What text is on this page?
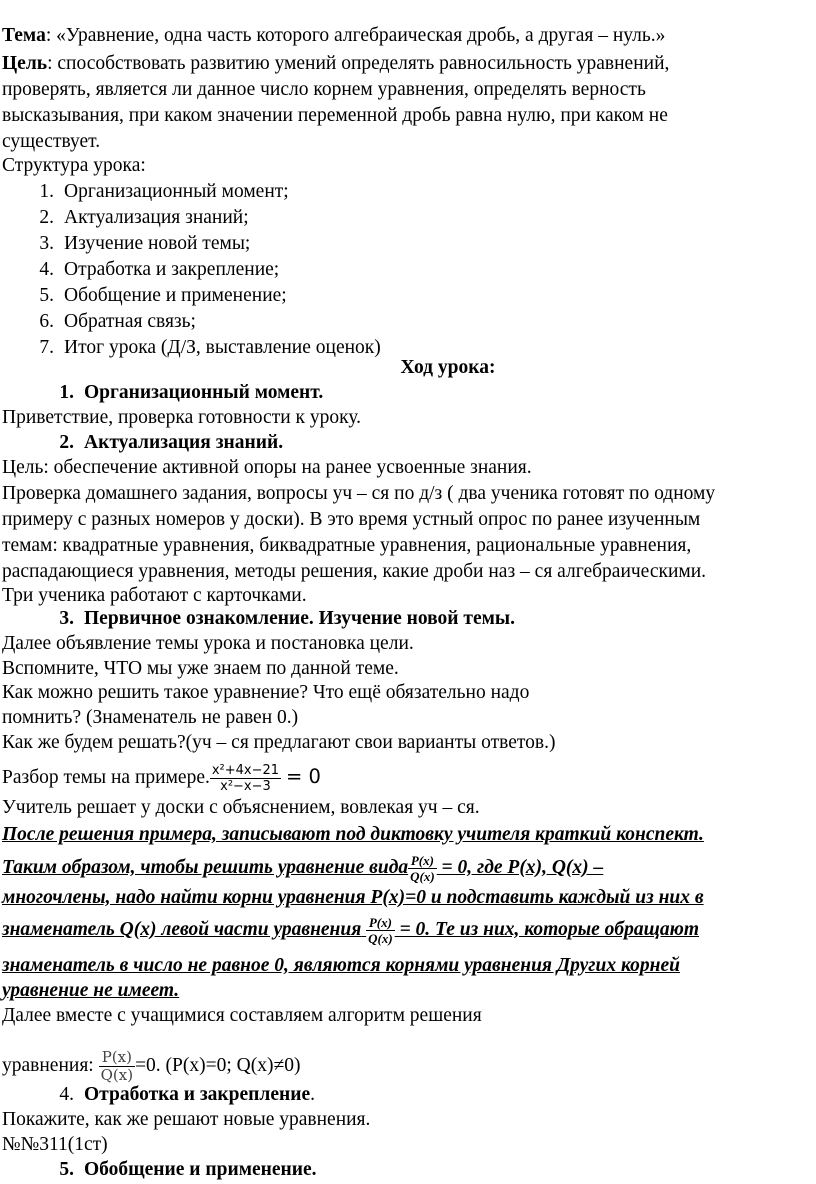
Тема: «Уравнение, одна часть которого алгебраическая дробь, а другая – нуль.»
Цель: способствовать развитию умений определять равносильность уравнений,
проверять, является ли данное число корнем уравнения, определять верность
высказывания, при каком значении переменной дробь равна нулю, при каком не
существует.
Структура урока:
1. Организационный момент;
2. Актуализация знаний;
3. Изучение новой темы;
4. Отработка и закрепление;
5. Обобщение и применение;
6. Обратная связь;
7. Итог урока (Д/З, выставление оценок)
Ход урока:
1. Организационный момент.
Приветствие, проверка готовности к уроку.
2. Актуализация знаний.
Цель: обеспечение активной опоры на ранее усвоенные знания.
Проверка домашнего задания, вопросы уч – ся по д/з ( два ученика готовят по одному
примеру с разных номеров у доски). В это время устный опрос по ранее изученным
темам: квадратные уравнения, биквадратные уравнения, рациональные уравнения,
распадающиеся уравнения, методы решения, какие дроби наз – ся алгебраическими.
Три ученика работают с карточками.
3. Первичное ознакомление. Изучение новой темы.
Далее объявление темы урока и постановка цели.
Вспомните, ЧТО мы уже знаем по данной теме.
Как можно решить такое уравнение? Что ещё обязательно надо
помнить? (Знаменатель не равен 0.)
Как же будем решать?(уч – ся предлагают свои варианты ответов.)
Разбор темы на примере. $\frac{\text{x²+4x−21}}{\text{x²−x−3}} = 0$
Учитель решает у доски с объяснением, вовлекая уч – ся.
После решения примера, записывают под диктовку учителя краткий конспект.
Таким образом, чтобы решить уравнение вида $\frac{P(x)}{Q(x)} = 0$, где P(x), Q(x) –
многочлены, надо найти корни уравнения P(x)=0 и подставить каждый из них в
знаменатель Q(x) левой части уравнения $\frac{P(x)}{Q(x)} = 0$. Те из них, которые обращают
знаменатель в число не равное 0, являются корнями уравнения Других корней
уравнение не имеет.
Далее вместе с учащимися составляем алгоритм решения
уравнения: $\frac{P(x)}{Q(x)} =0$. (P(x)=0; Q(x)≠0)
4. Отработка и закрепление.
Покажите, как же решают новые уравнения.
№№311(1ст)
5. Обобщение и применение.
